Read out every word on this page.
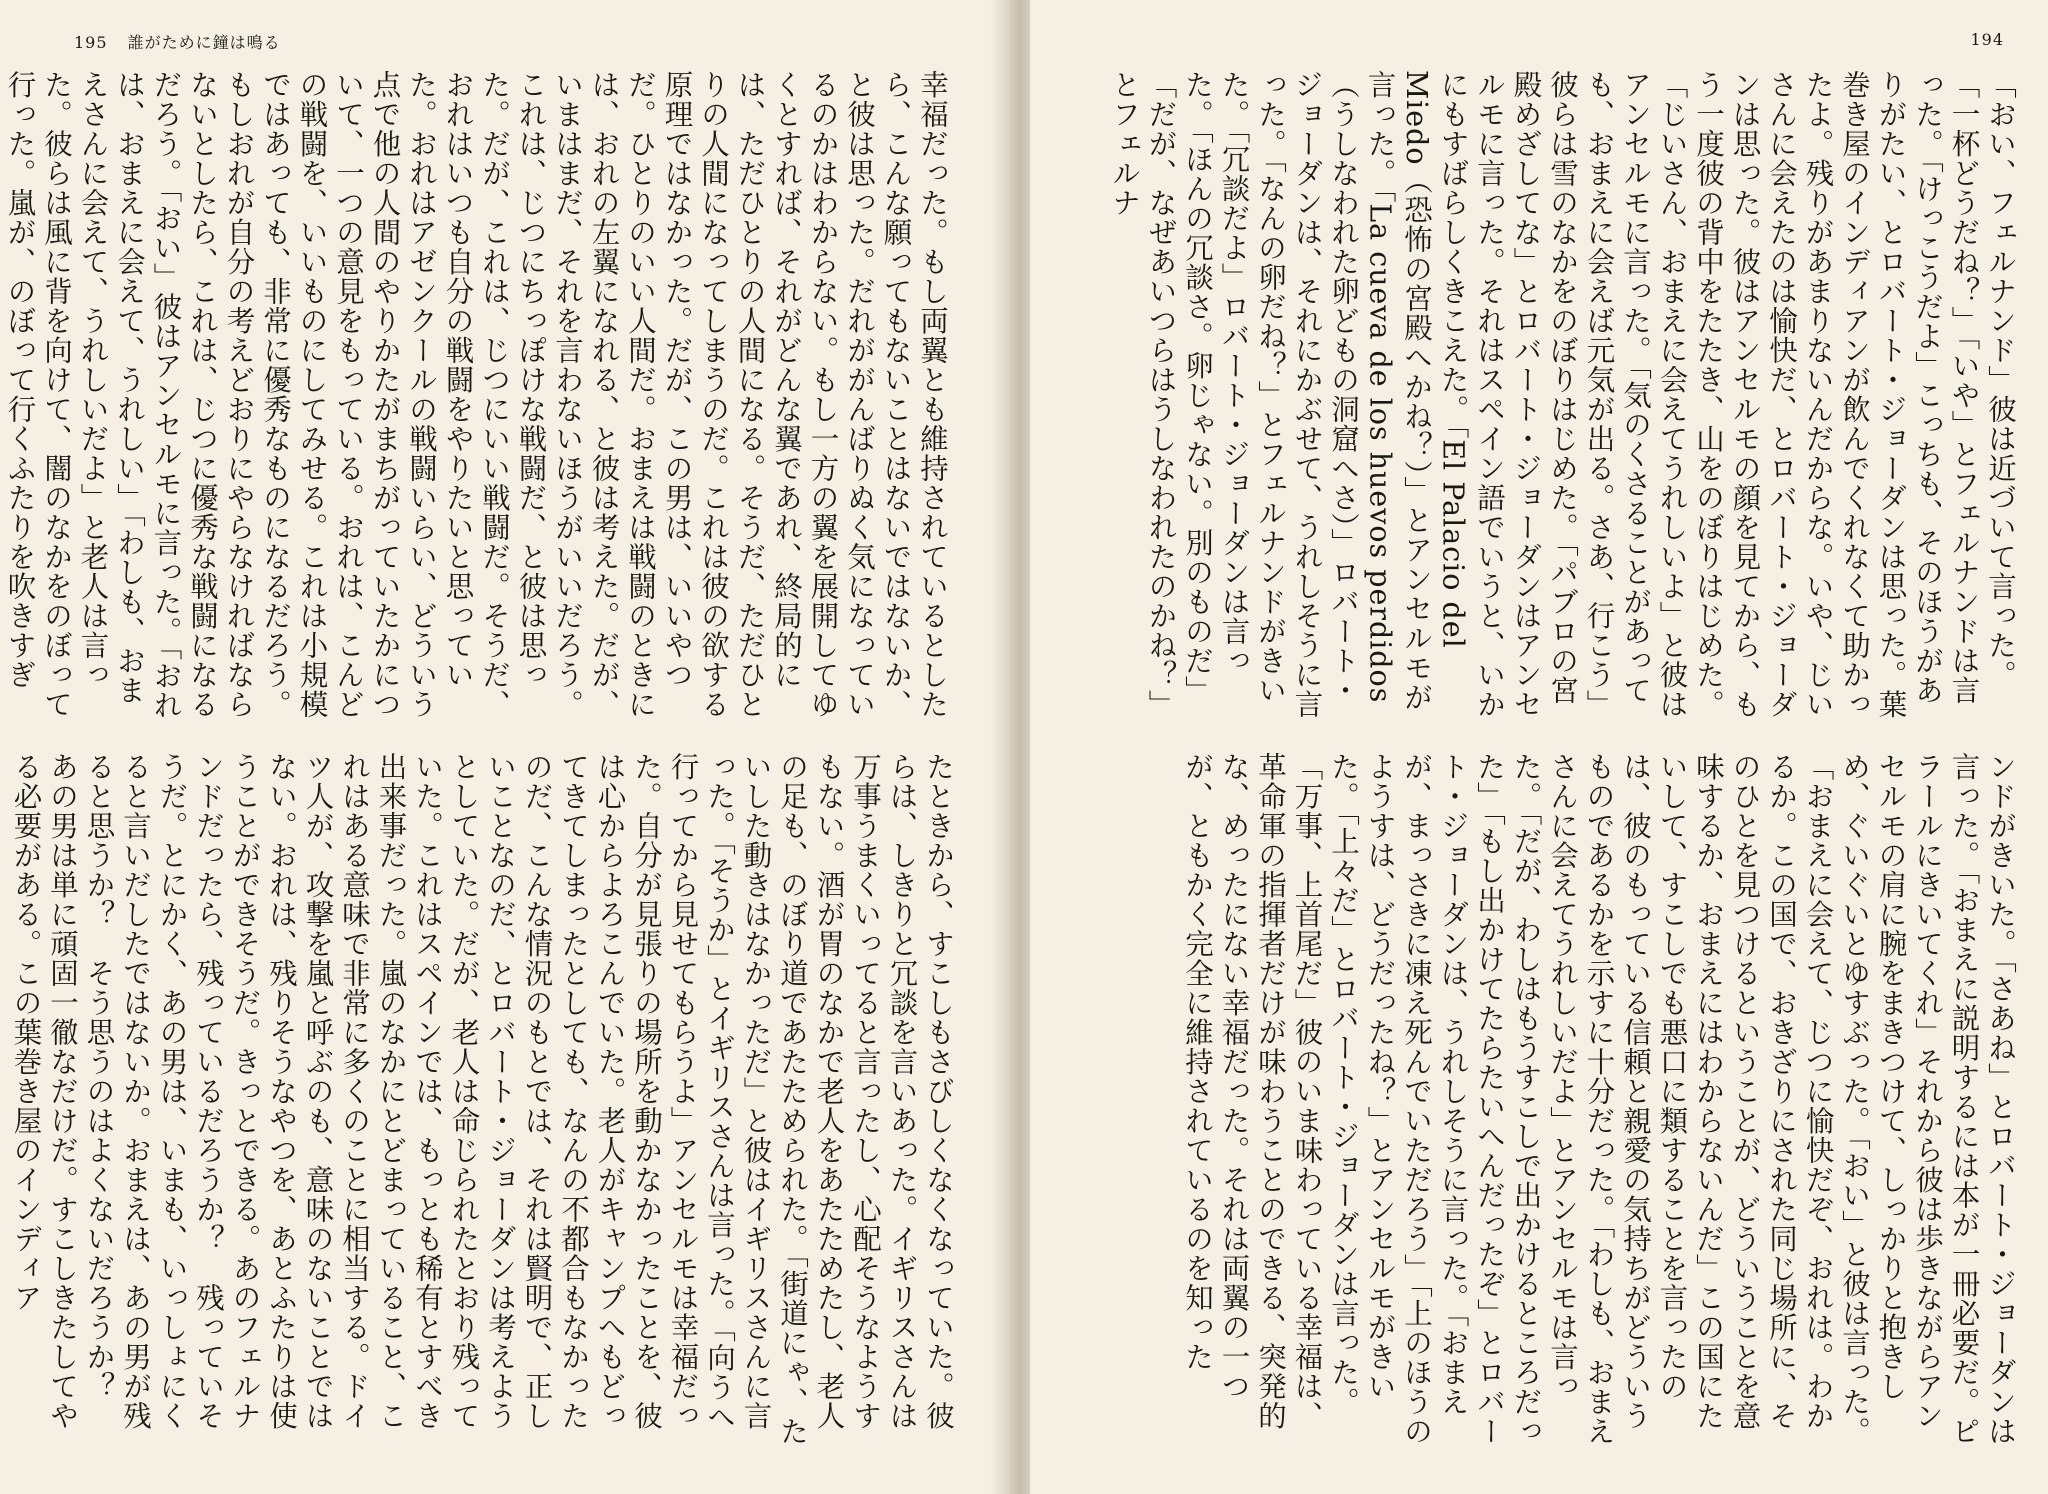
195 誰がために鐘は鳴る
幸福だった。もし両翼とも維持されているとしたら、こんな願ってもないことはないではないか、と彼は思った。だれががんばりぬく気になっているのかはわからない。もし一方の翼を展開してゆくとすれば、それがどんな翼であれ、終局的には、ただひとりの人間になる。そうだ、ただひとりの人間になってしまうのだ。これは彼の欲する原理ではなかった。だが、この男は、いいやつだ。ひとりのいい人間だ。おまえは戦闘のときには、おれの左翼になれる、と彼は考えた。だが、いまはまだ、それを言わないほうがいいだろう。これは、じつにちっぽけな戦闘だ、と彼は思った。だが、これは、じつにいい戦闘だ。そうだ、おれはいつも自分の戦闘をやりたいと思っていた。おれはアゼンクールの戦闘いらい、どういう点で他の人間のやりかたがまちがっていたかについて、一つの意見をもっている。おれは、こんどの戦闘を、いいものにしてみせる。これは小規模ではあっても、非常に優秀なものになるだろう。もしおれが自分の考えどおりにやらなければならないとしたら、これは、じつに優秀な戦闘になるだろう。「おい」彼はアンセルモに言った。「おれは、おまえに会えて、うれしい」「わしも、おまえさんに会えて、うれしいだよ」と老人は言った。彼らは風に背を向けて、闇のなかをのぼって行った。嵐が、のぼって行くふたりを吹きすぎ
たときから、すこしもさびしくなくなっていた。彼らは、しきりと冗談を言いあった。イギリスさんは万事うまくいってると言ったし、心配そうなようすもない。酒が胃のなかで老人をあたためたし、老人の足も、のぼり道であたためられた。「街道にゃ、たいした動きはなかっただ」と彼はイギリスさんに言った。「そうか」とイギリスさんは言った。「向うへ行ってから見せてもらうよ」アンセルモは幸福だった。自分が見張りの場所を動かなかったことを、彼は心からよろこんでいた。老人がキャンプへもどってきてしまったとしても、なんの不都合もなかったのだ、こんな情況のもとでは、それは賢明で、正しいことなのだ、とロバート・ジョーダンは考えようとしていた。だが、老人は命じられたとおり残っていた。これはスペインでは、もっとも稀有とすべき出来事だった。嵐のなかにとどまっていること、これはある意味で非常に多くのことに相当する。ドイツ人が、攻撃を嵐と呼ぶのも、意味のないことではない。おれは、残りそうなやつを、あとふたりは使うことができそうだ。きっとできる。あのフェルナンドだったら、残っているだろうか？　残っていそうだ。とにかく、あの男は、いまも、いっしょにくると言いだしたではないか。おまえは、あの男が残ると思うか？　そう思うのはよくないだろうか？　あの男は単に頑固一徹なだけだ。すこしきたしてやる必要がある。この葉巻き屋のインディア
194
「おい、フェルナンド」彼は近づいて言った。「一杯どうだね？」「いや」とフェルナンドは言った。「けっこうだよ」こっちも、そのほうがありがたい、とロバート・ジョーダンは思った。葉巻き屋のインディアンが飲んでくれなくて助かったよ。残りがあまりないんだからな。いや、じいさんに会えたのは愉快だ、とロバート・ジョーダンは思った。彼はアンセルモの顔を見てから、もう一度彼の背中をたたき、山をのぼりはじめた。「じいさん、おまえに会えてうれしいよ」と彼はアンセルモに言った。「気のくさることがあっても、おまえに会えば元気が出る。さあ、行こう」彼らは雪のなかをのぼりはじめた。「パブロの宮殿めざしてな」とロバート・ジョーダンはアンセルモに言った。それはスペイン語でいうと、いかにもすばらしくきこえた。「El Palacio del Miedo（恐怖の宮殿へかね？）」とアンセルモが言った。「La cueva de los huevos perdidos（うしなわれた卵どもの洞窟へさ）」ロバート・ジョーダンは、それにかぶせて、うれしそうに言った。「なんの卵だね？」とフェルナンドがきいた。「冗談だよ」ロバート・ジョーダンは言った。「ほんの冗談さ。卵じゃない。別のものだ」「だが、なぜあいつらはうしなわれたのかね？」とフェルナ
ンドがきいた。「さあね」とロバート・ジョーダンは言った。「おまえに説明するには本が一冊必要だ。ピラールにきいてくれ」それから彼は歩きながらアンセルモの肩に腕をまきつけて、しっかりと抱きしめ、ぐいぐいとゆすぶった。「おい」と彼は言った。「おまえに会えて、じつに愉快だぞ、おれは。わかるか。この国で、おきざりにされた同じ場所に、そのひとを見つけるということが、どういうことを意味するか、おまえにはわからないんだ」この国にたいして、すこしでも悪口に類することを言ったのは、彼のもっている信頼と親愛の気持ちがどういうものであるかを示すに十分だった。「わしも、おまえさんに会えてうれしいだよ」とアンセルモは言った。「だが、わしはもうすこしで出かけるところだった」「もし出かけてたらたいへんだったぞ」とロバート・ジョーダンは、うれしそうに言った。「おまえが、まっさきに凍え死んでいただろう」「上のほうのようすは、どうだったね？」とアンセルモがきいた。「上々だ」とロバート・ジョーダンは言った。「万事、上首尾だ」彼のいま味わっている幸福は、革命軍の指揮者だけが味わうことのできる、突発的な、めったにない幸福だった。それは両翼の一つが、ともかく完全に維持されているのを知った
